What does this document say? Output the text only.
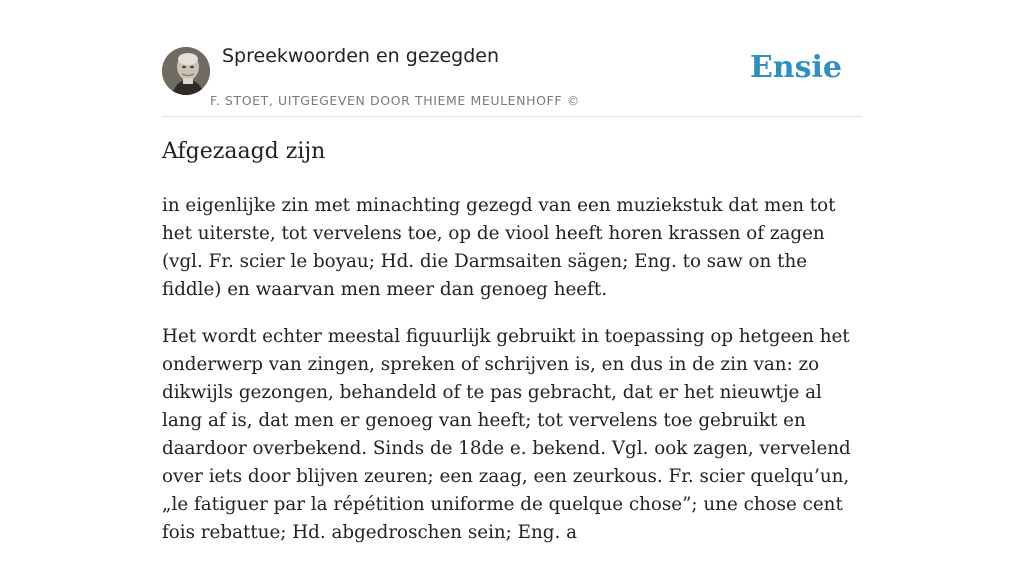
Spreekwoorden en gezegden
F. STOET, UITGEGEVEN DOOR THIEME MEULENHOFF ©
Ensie
Afgezaagd zijn

in eigenlijke zin met minachting gezegd van een muziekstuk dat men tot het uiterste, tot vervelens toe, op de viool heeft horen krassen of zagen (vgl. Fr. scier le boyau; Hd. die Darmsaiten sägen; Eng. to saw on the fiddle) en waarvan men meer dan genoeg heeft.

Het wordt echter meestal figuurlijk gebruikt in toepassing op hetgeen het onderwerp van zingen, spreken of schrijven is, en dus in de zin van: zo dikwijls gezongen, behandeld of te pas gebracht, dat er het nieuwtje al lang af is, dat men er genoeg van heeft; tot vervelens toe gebruikt en daardoor overbekend. Sinds de 18de e. bekend. Vgl. ook zagen, vervelend over iets door blijven zeuren; een zaag, een zeurkous. Fr. scier quelqu’un, „le fatiguer par la répétition uniforme de quelque chose”; une chose cent fois rebattue; Hd. abgedroschen sein; Eng. a
